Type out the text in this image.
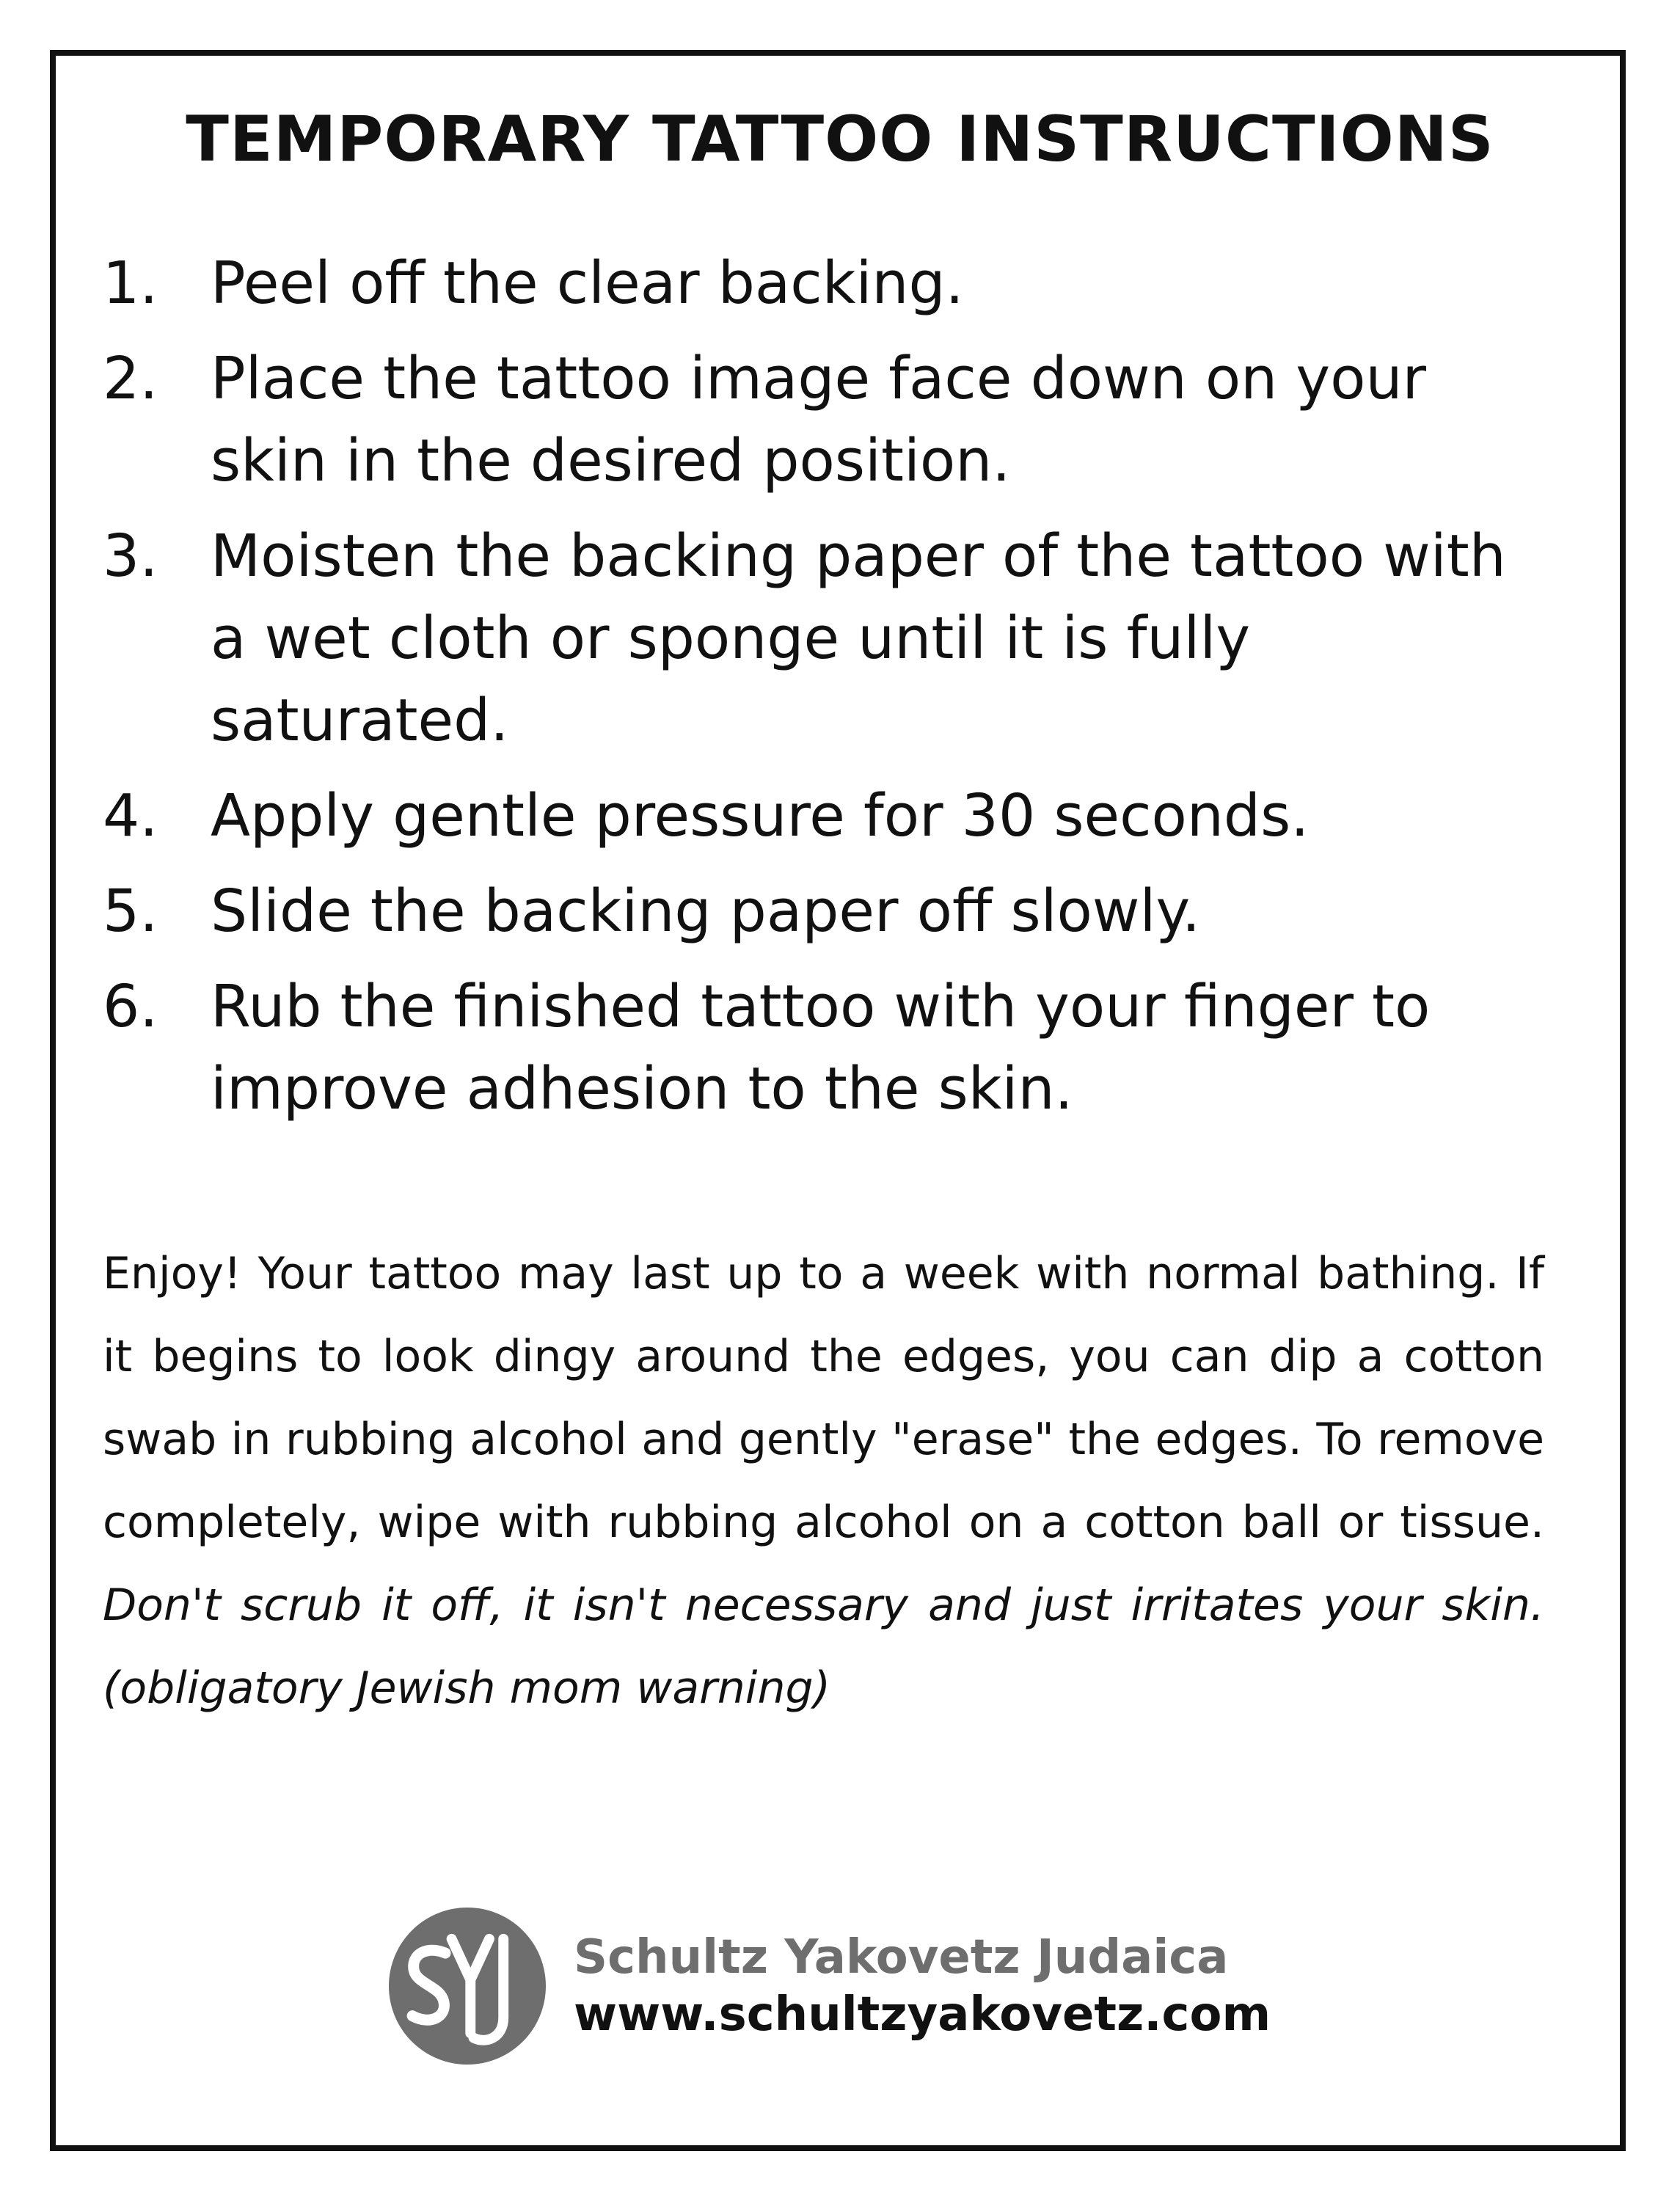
TEMPORARY TATTOO INSTRUCTIONS
1. Peel off the clear backing.
2. Place the tattoo image face down on your skin in the desired position.
3. Moisten the backing paper of the tattoo with a wet cloth or sponge until it is fully saturated.
4. Apply gentle pressure for 30 seconds.
5. Slide the backing paper off slowly.
6. Rub the finished tattoo with your finger to improve adhesion to the skin.

Enjoy! Your tattoo may last up to a week with normal bathing. If it begins to look dingy around the edges, you can dip a cotton swab in rubbing alcohol and gently "erase" the edges. To remove completely, wipe with rubbing alcohol on a cotton ball or tissue. Don't scrub it off, it isn't necessary and just irritates your skin. (obligatory Jewish mom warning)

Schultz Yakovetz Judaica
www.schultzyakovetz.com
